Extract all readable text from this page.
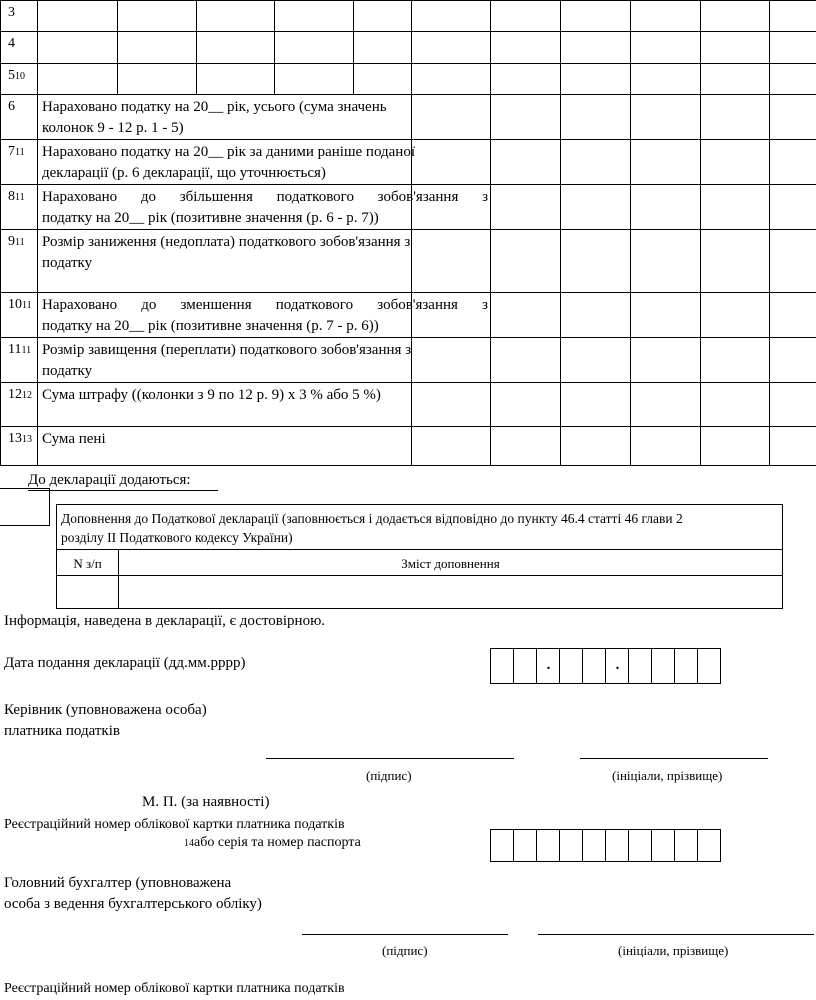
3
4
510
6 Нараховано податку на 20__ рік, усього (сума значень
колонок 9 - 12 р. 1 - 5)
711 Нараховано податку на 20__ рік за даними раніше поданої
декларації (р. 6 декларації, що уточнюється)
811 Нараховано до збільшення податкового зобов'язання з
податку на 20__ рік (позитивне значення (р. 6 - р. 7))
911 Розмір заниження (недоплата) податкового зобов'язання з
податку
1011 Нараховано до зменшення податкового зобов'язання з
податку на 20__ рік (позитивне значення (р. 7 - р. 6))
1111 Розмір завищення (переплати) податкового зобов'язання з
податку
1212 Сума штрафу ((колонки з 9 по 12 р. 9) х 3 % або 5 %)
1313 Сума пені
До декларації додаються:
Доповнення до Податкової декларації (заповнюється і додається відповідно до пункту 46.4 статті 46 глави 2
розділу II Податкового кодексу України)
N з/п	Зміст доповнення
Інформація, наведена в декларації, є достовірною.
Дата подання декларації (дд.мм.рррр)	.	.
Керівник (уповноважена особа)
платника податків
(підпис)	(ініціали, прізвище)
М. П. (за наявності)
Реєстраційний номер облікової картки платника податків
14або серія та номер паспорта
Головний бухгалтер (уповноважена
особа з ведення бухгалтерського обліку)
(підпис)	(ініціали, прізвище)
Реєстраційний номер облікової картки платника податків
